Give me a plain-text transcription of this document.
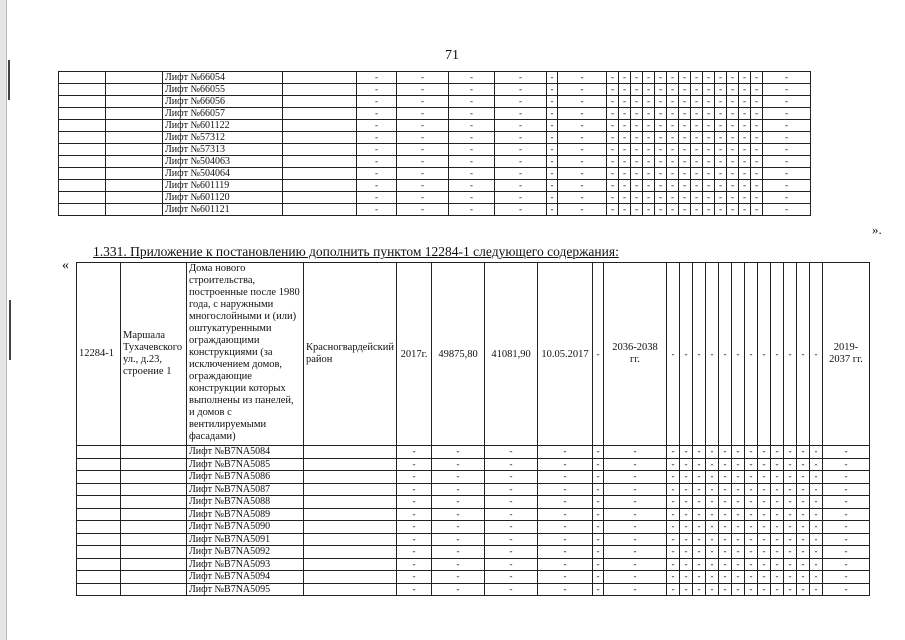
71
		Лифт №66054		-	-	-	-	-	-	-	-	-	-	-	-	-	-	-	-	-	-	-	-
		Лифт №66055		-	-	-	-	-	-	-	-	-	-	-	-	-	-	-	-	-	-	-	-
		Лифт №66056		-	-	-	-	-	-	-	-	-	-	-	-	-	-	-	-	-	-	-	-
		Лифт №66057		-	-	-	-	-	-	-	-	-	-	-	-	-	-	-	-	-	-	-	-
		Лифт №601122		-	-	-	-	-	-	-	-	-	-	-	-	-	-	-	-	-	-	-	-
		Лифт №57312		-	-	-	-	-	-	-	-	-	-	-	-	-	-	-	-	-	-	-	-
		Лифт №57313		-	-	-	-	-	-	-	-	-	-	-	-	-	-	-	-	-	-	-	-
		Лифт №504063		-	-	-	-	-	-	-	-	-	-	-	-	-	-	-	-	-	-	-	-
		Лифт №504064		-	-	-	-	-	-	-	-	-	-	-	-	-	-	-	-	-	-	-	-
		Лифт №601119		-	-	-	-	-	-	-	-	-	-	-	-	-	-	-	-	-	-	-	-
		Лифт №601120		-	-	-	-	-	-	-	-	-	-	-	-	-	-	-	-	-	-	-	-
		Лифт №601121		-	-	-	-	-	-	-	-	-	-	-	-	-	-	-	-	-	-	-	-
».
1.331. Приложение к постановлению дополнить пунктом 12284-1 следующего содержания:
«
12284-1	Маршала Тухачевского ул., д.23, строение 1	Дома нового строительства, построенные после 1980 года, с наружными многослойными и (или) оштукатуренными ограждающими конструкциями (за исключением домов, ограждающие конструкции которых выполнены из панелей, и домов с вентилируемыми фасадами)	Красногвардейский район	2017г.	49875,80	41081,90	10.05.2017	-	2036-2038 гг.	-	-	-	-	-	-	-	-	-	-	-	-	2019-2037 гг.
		Лифт №В7NA5084		-	-	-	-	-	-	-	-	-	-	-	-	-	-	-	-	-	-	-
		Лифт №В7NA5085		-	-	-	-	-	-	-	-	-	-	-	-	-	-	-	-	-	-	-
		Лифт №В7NA5086		-	-	-	-	-	-	-	-	-	-	-	-	-	-	-	-	-	-	-
		Лифт №В7NA5087		-	-	-	-	-	-	-	-	-	-	-	-	-	-	-	-	-	-	-
		Лифт №В7NA5088		-	-	-	-	-	-	-	-	-	-	-	-	-	-	-	-	-	-	-
		Лифт №В7NA5089		-	-	-	-	-	-	-	-	-	-	-	-	-	-	-	-	-	-	-
		Лифт №В7NA5090		-	-	-	-	-	-	-	-	-	-	-	-	-	-	-	-	-	-	-
		Лифт №В7NA5091		-	-	-	-	-	-	-	-	-	-	-	-	-	-	-	-	-	-	-
		Лифт №В7NA5092		-	-	-	-	-	-	-	-	-	-	-	-	-	-	-	-	-	-	-
		Лифт №В7NA5093		-	-	-	-	-	-	-	-	-	-	-	-	-	-	-	-	-	-	-
		Лифт №В7NA5094		-	-	-	-	-	-	-	-	-	-	-	-	-	-	-	-	-	-	-
		Лифт №В7NA5095		-	-	-	-	-	-	-	-	-	-	-	-	-	-	-	-	-	-	-
